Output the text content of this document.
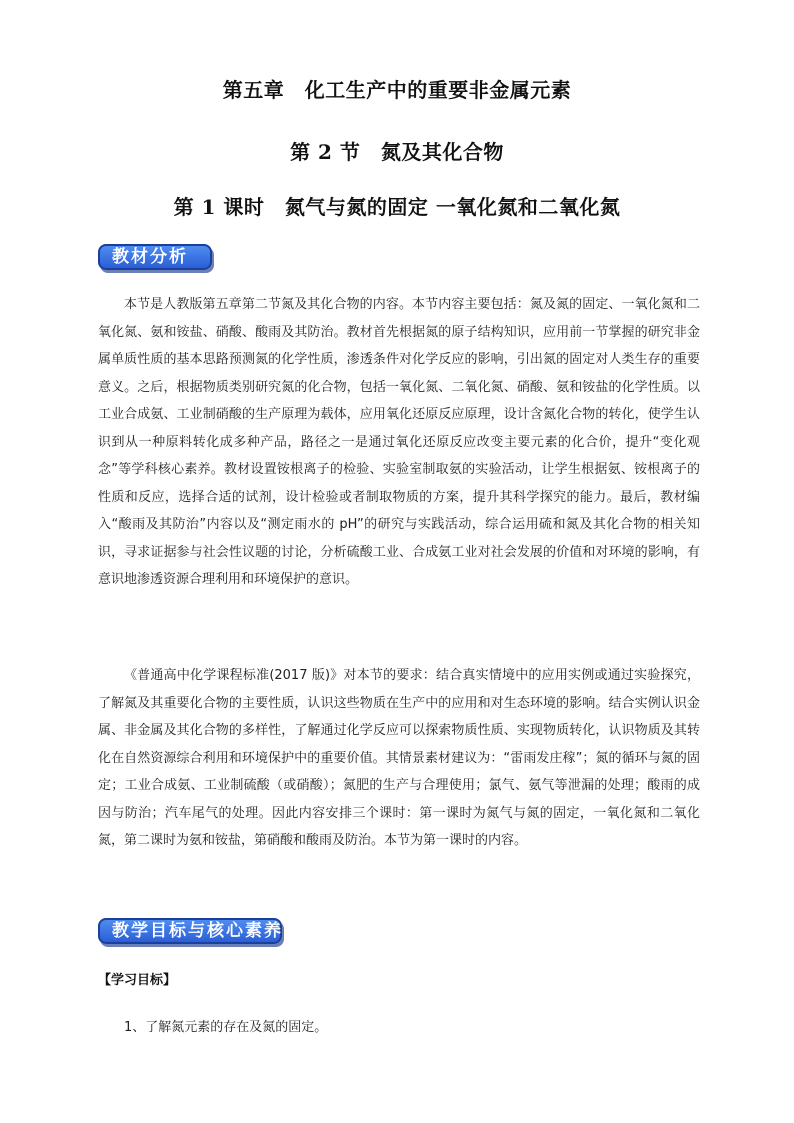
第五章　化工生产中的重要非金属元素
第 2 节　氮及其化合物
第 1 课时　氮气与氮的固定 一氧化氮和二氧化氮
教材分析

本节是人教版第五章第二节氮及其化合物的内容。本节内容主要包括：氮及氮的固定、一氧化氮和二氧化氮、氨和铵盐、硝酸、酸雨及其防治。教材首先根据氮的原子结构知识，应用前一节掌握的研究非金属单质性质的基本思路预测氮的化学性质，渗透条件对化学反应的影响，引出氮的固定对人类生存的重要意义。之后，根据物质类别研究氮的化合物，包括一氧化氮、二氧化氮、硝酸、氨和铵盐的化学性质。以工业合成氨、工业制硝酸的生产原理为载体，应用氧化还原反应原理，设计含氮化合物的转化，使学生认识到从一种原料转化成多种产品，路径之一是通过氧化还原反应改变主要元素的化合价，提升“变化观念”等学科核心素养。教材设置铵根离子的检验、实验室制取氨的实验活动，让学生根据氨、铵根离子的性质和反应，选择合适的试剂，设计检验或者制取物质的方案，提升其科学探究的能力。最后，教材编入“酸雨及其防治”内容以及“测定雨水的 pH”的研究与实践活动，综合运用硫和氮及其化合物的相关知识，寻求证据参与社会性议题的讨论，分析硫酸工业、合成氨工业对社会发展的价值和对环境的影响，有意识地渗透资源合理利用和环境保护的意识。

《普通高中化学课程标准(2017 版)》对本节的要求：结合真实情境中的应用实例或通过实验探究，了解氮及其重要化合物的主要性质，认识这些物质在生产中的应用和对生态环境的影响。结合实例认识金属、非金属及其化合物的多样性，了解通过化学反应可以探索物质性质、实现物质转化，认识物质及其转化在自然资源综合利用和环境保护中的重要价值。其情景素材建议为：“雷雨发庄稼”；氮的循环与氮的固定；工业合成氨、工业制硫酸（或硝酸）；氮肥的生产与合理使用；氯气、氨气等泄漏的处理；酸雨的成因与防治；汽车尾气的处理。因此内容安排三个课时：第一课时为氮气与氮的固定，一氧化氮和二氧化氮，第二课时为氨和铵盐，第硝酸和酸雨及防治。本节为第一课时的内容。

教学目标与核心素养
【学习目标】
1、了解氮元素的存在及氮的固定。
